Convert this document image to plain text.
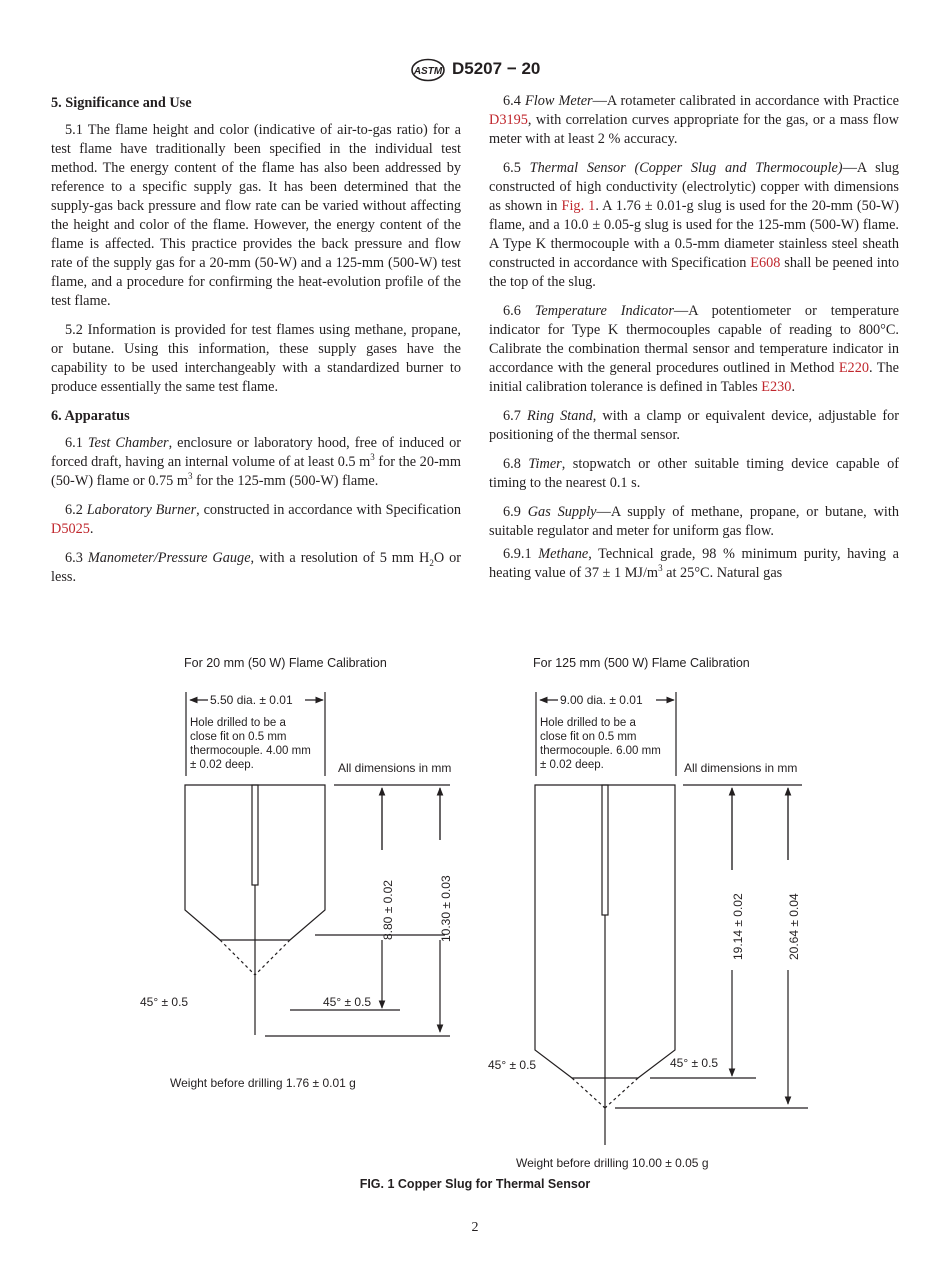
ASTM D5207 − 20
5. Significance and Use

5.1 The flame height and color (indicative of air-to-gas ratio) for a test flame have traditionally been specified in the individual test method. The energy content of the flame has also been addressed by reference to a specific supply gas. It has been determined that the supply-gas back pressure and flow rate can be varied without affecting the height and color of the flame. However, the energy content of the flame is affected. This practice provides the back pressure and flow rate of the supply gas for a 20-mm (50-W) and a 125-mm (500-W) test flame, and a procedure for confirming the heat-evolution profile of the test flame.

5.2 Information is provided for test flames using methane, propane, or butane. Using this information, these supply gases have the capability to be used interchangeably with a standardized burner to produce essentially the same test flame.

6. Apparatus

6.1 Test Chamber, enclosure or laboratory hood, free of induced or forced draft, having an internal volume of at least 0.5 $m^3$ for the 20-mm (50-W) flame or 0.75 $m^3$ for the 125-mm (500-W) flame.

6.2 Laboratory Burner, constructed in accordance with Specification D5025.

6.3 Manometer/Pressure Gauge, with a resolution of 5 mm $H_2O$ or less.

6.4 Flow Meter—A rotameter calibrated in accordance with Practice D3195, with correlation curves appropriate for the gas, or a mass flow meter with at least 2 % accuracy.

6.5 Thermal Sensor (Copper Slug and Thermocouple)—A slug constructed of high conductivity (electrolytic) copper with dimensions as shown in Fig. 1. A 1.76 ± 0.01-g slug is used for the 20-mm (50-W) flame, and a 10.0 ± 0.05-g slug is used for the 125-mm (500-W) flame. A Type K thermocouple with a 0.5-mm diameter stainless steel sheath constructed in accordance with Specification E608 shall be peened into the top of the slug.

6.6 Temperature Indicator—A potentiometer or temperature indicator for Type K thermocouples capable of reading to 800°C. Calibrate the combination thermal sensor and temperature indicator in accordance with the general procedures outlined in Method E220. The initial calibration tolerance is defined in Tables E230.

6.7 Ring Stand, with a clamp or equivalent device, adjustable for positioning of the thermal sensor.

6.8 Timer, stopwatch or other suitable timing device capable of timing to the nearest 0.1 s.

6.9 Gas Supply—A supply of methane, propane, or butane, with suitable regulator and meter for uniform gas flow.

6.9.1 Methane, Technical grade, 98 % minimum purity, having a heating value of 37 ± 1 $MJ/m^3$ at 25°C. Natural gas

For 20 mm (50 W) Flame Calibration
5.50 dia. ± 0.01
Hole drilled to be a
close fit on 0.5 mm
thermocouple. 4.00 mm
± 0.02 deep.	All dimensions in mm
8.80 ± 0.02	10.30 ± 0.03
45° ± 0.5	45° ± 0.5
Weight before drilling 1.76 ± 0.01 g
For 125 mm (500 W) Flame Calibration
9.00 dia. ± 0.01
Hole drilled to be a
close fit on 0.5 mm
thermocouple. 6.00 mm
± 0.02 deep.	All dimensions in mm
19.14 ± 0.02	20.64 ± 0.04
45° ± 0.5	45° ± 0.5
Weight before drilling 10.00 ± 0.05 g
FIG. 1 Copper Slug for Thermal Sensor
2
